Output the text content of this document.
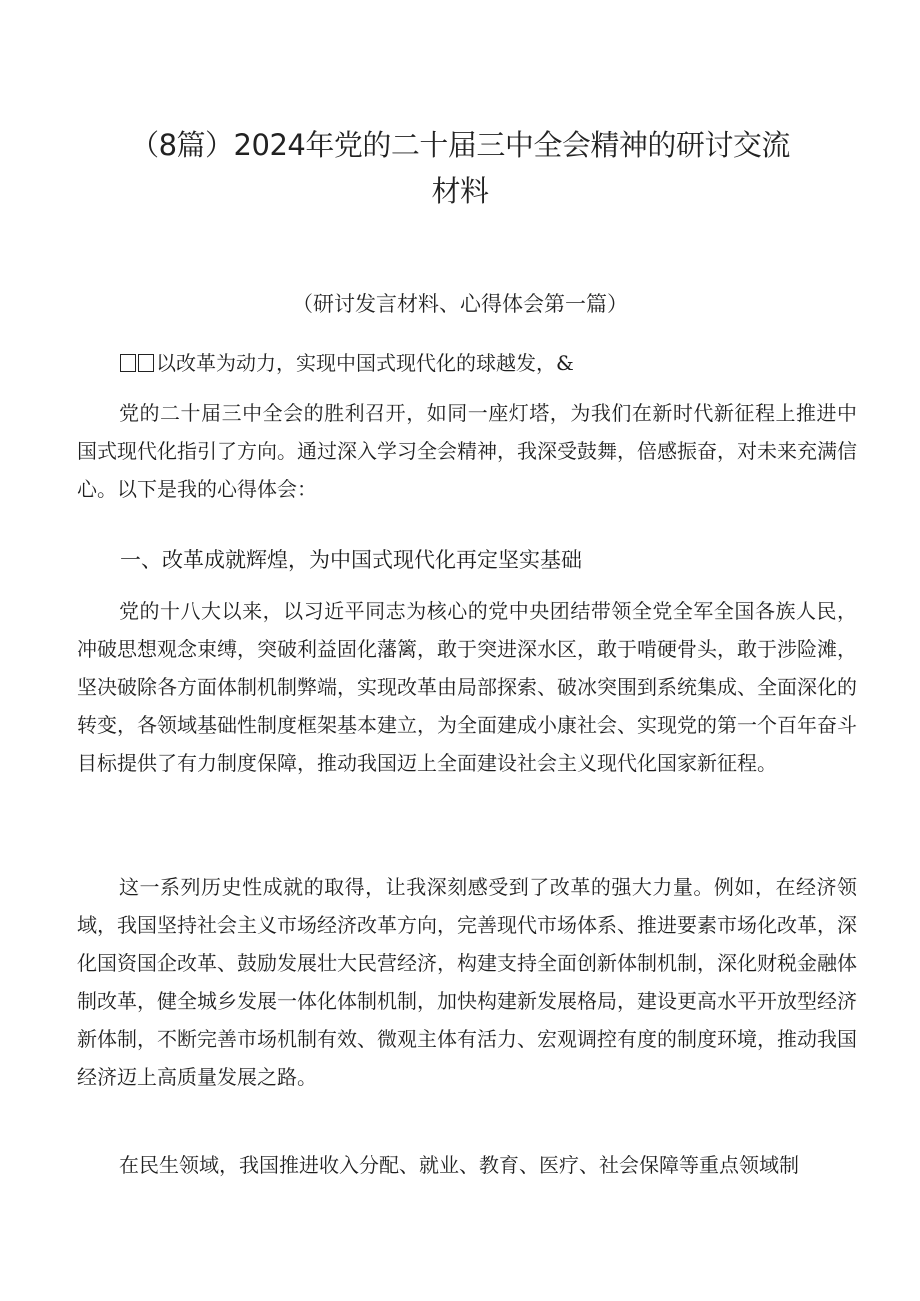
（8篇）2024年党的二十届三中全会精神的研讨交流
材料
（研讨发言材料、心得体会第一篇）
以改革为动力，实现中国式现代化的球越发，&
党的二十届三中全会的胜利召开，如同一座灯塔，为我们在新时代新征程上推进中国式现代化指引了方向。通过深入学习全会精神，我深受鼓舞，倍感振奋，对未来充满信心。以下是我的心得体会：
一、改革成就辉煌，为中国式现代化再定坚实基础
党的十八大以来，以习近平同志为核心的党中央团结带领全党全军全国各族人民，冲破思想观念束缚，突破利益固化藩篱，敢于突进深水区，敢于啃硬骨头，敢于涉险滩，坚决破除各方面体制机制弊端，实现改革由局部探索、破冰突围到系统集成、全面深化的转变，各领域基础性制度框架基本建立，为全面建成小康社会、实现党的第一个百年奋斗目标提供了有力制度保障，推动我国迈上全面建设社会主义现代化国家新征程。
这一系列历史性成就的取得，让我深刻感受到了改革的强大力量。例如，在经济领域，我国坚持社会主义市场经济改革方向，完善现代市场体系、推进要素市场化改革，深化国资国企改革、鼓励发展壮大民营经济，构建支持全面创新体制机制，深化财税金融体制改革，健全城乡发展一体化体制机制，加快构建新发展格局，建设更高水平开放型经济新体制，不断完善市场机制有效、微观主体有活力、宏观调控有度的制度环境，推动我国经济迈上高质量发展之路。
在民生领域，我国推进收入分配、就业、教育、医疗、社会保障等重点领域制
